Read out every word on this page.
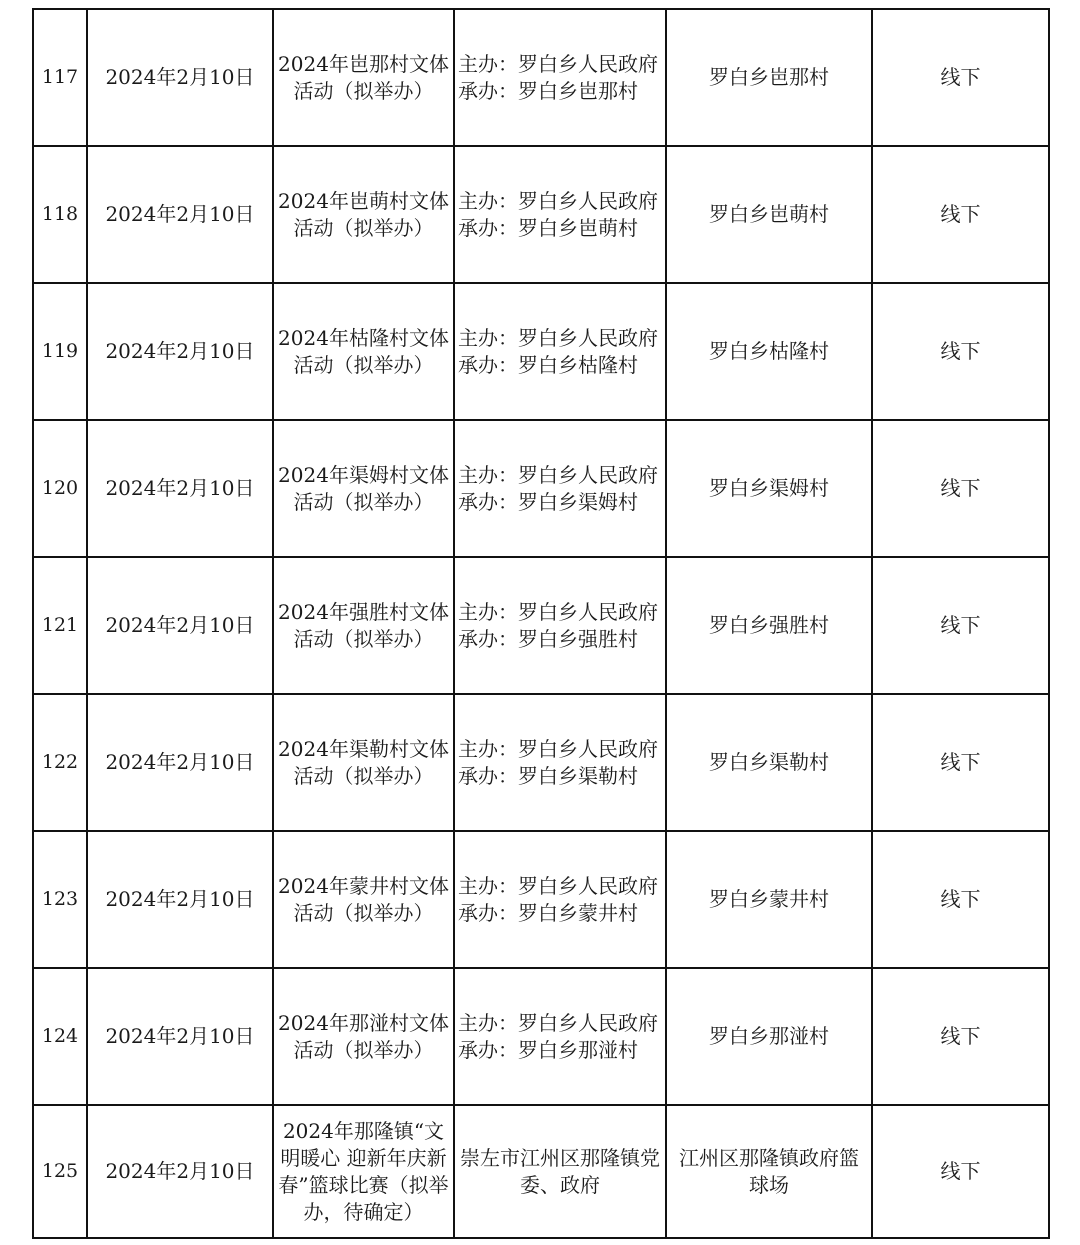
117	2024年2月10日	2024年岜那村文体活动（拟举办）	主办：罗白乡人民政府承办：罗白乡岜那村	罗白乡岜那村	线下
118	2024年2月10日	2024年岜萌村文体活动（拟举办）	主办：罗白乡人民政府承办：罗白乡岜萌村	罗白乡岜萌村	线下
119	2024年2月10日	2024年枯隆村文体活动（拟举办）	主办：罗白乡人民政府承办：罗白乡枯隆村	罗白乡枯隆村	线下
120	2024年2月10日	2024年渠姆村文体活动（拟举办）	主办：罗白乡人民政府承办：罗白乡渠姆村	罗白乡渠姆村	线下
121	2024年2月10日	2024年强胜村文体活动（拟举办）	主办：罗白乡人民政府承办：罗白乡强胜村	罗白乡强胜村	线下
122	2024年2月10日	2024年渠勒村文体活动（拟举办）	主办：罗白乡人民政府承办：罗白乡渠勒村	罗白乡渠勒村	线下
123	2024年2月10日	2024年蒙井村文体活动（拟举办）	主办：罗白乡人民政府承办：罗白乡蒙井村	罗白乡蒙井村	线下
124	2024年2月10日	2024年那湴村文体活动（拟举办）	主办：罗白乡人民政府承办：罗白乡那湴村	罗白乡那湴村	线下
125	2024年2月10日	2024年那隆镇“文明暖心 迎新年庆新春”篮球比赛（拟举办，待确定）	崇左市江州区那隆镇党委、政府	江州区那隆镇政府篮球场	线下
